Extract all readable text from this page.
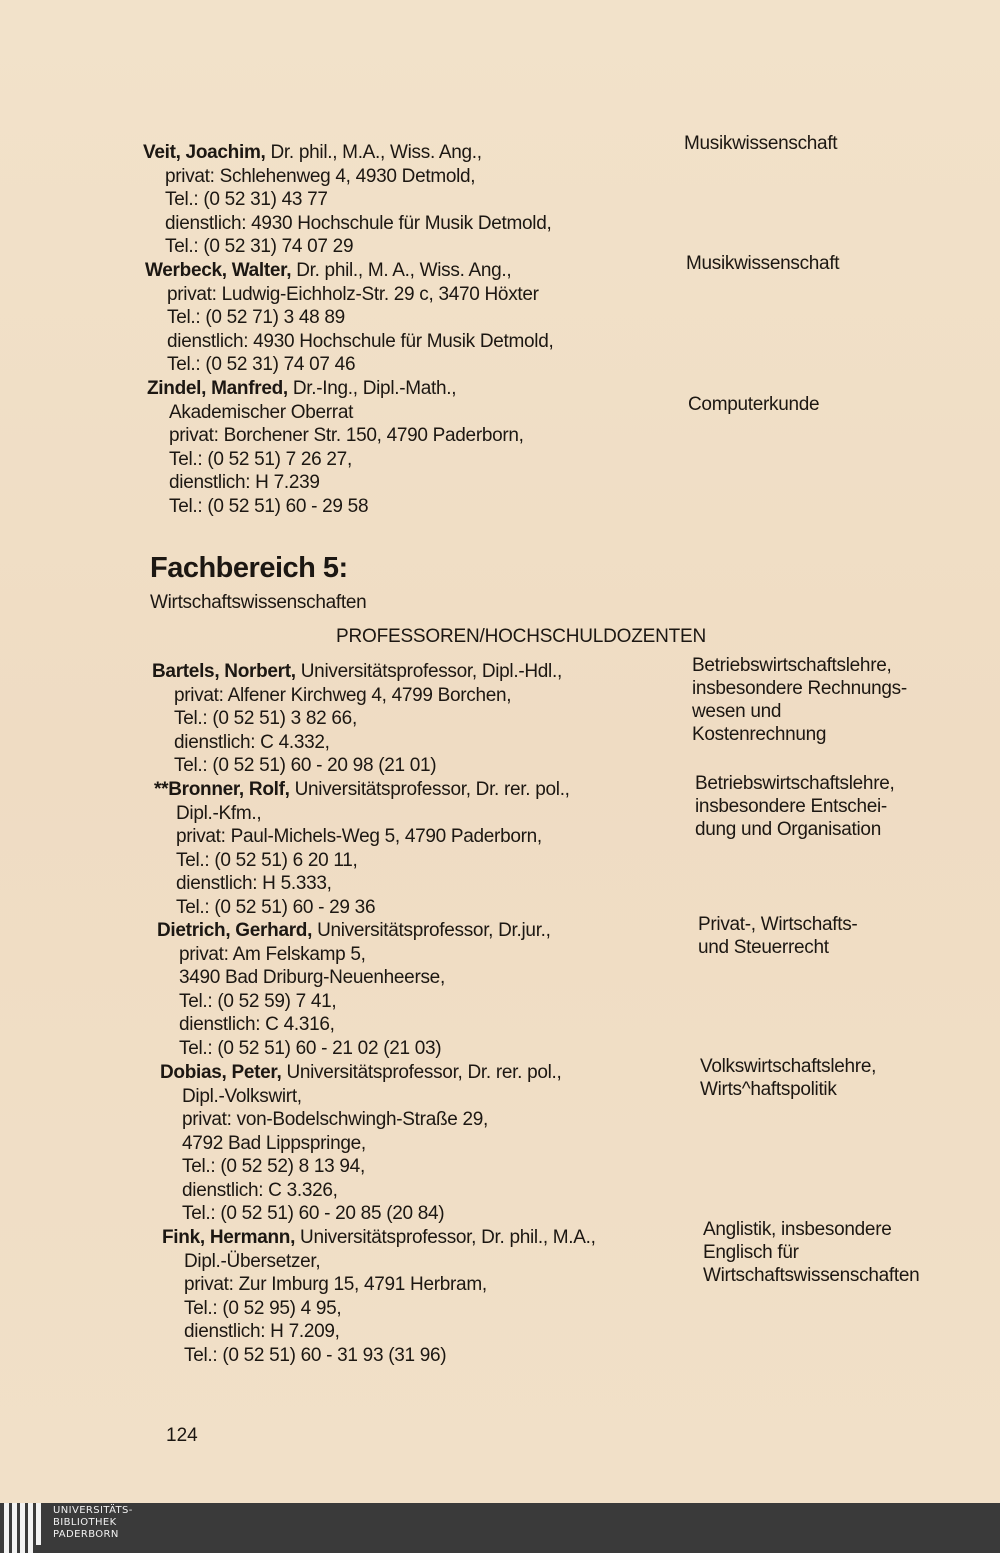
Veit, Joachim, Dr. phil., M.A., Wiss. Ang.,
privat: Schlehenweg 4, 4930 Detmold,
Tel.: (0 52 31) 43 77
dienstlich: 4930 Hochschule für Musik Detmold,
Tel.: (0 52 31) 74 07 29
Musikwissenschaft
Werbeck, Walter, Dr. phil., M. A., Wiss. Ang.,
privat: Ludwig-Eichholz-Str. 29 c, 3470 Höxter
Tel.: (0 52 71) 3 48 89
dienstlich: 4930 Hochschule für Musik Detmold,
Tel.: (0 52 31) 74 07 46
Musikwissenschaft
Zindel, Manfred, Dr.-Ing., Dipl.-Math.,
Akademischer Oberrat
privat: Borchener Str. 150, 4790 Paderborn,
Tel.: (0 52 51) 7 26 27,
dienstlich: H 7.239
Tel.: (0 52 51) 60 - 29 58
Computerkunde
Fachbereich 5:
Wirtschaftswissenschaften
PROFESSOREN/HOCHSCHULDOZENTEN
Bartels, Norbert, Universitätsprofessor, Dipl.-Hdl.,
privat: Alfener Kirchweg 4, 4799 Borchen,
Tel.: (0 52 51) 3 82 66,
dienstlich: C 4.332,
Tel.: (0 52 51) 60 - 20 98 (21 01)
Betriebswirtschaftslehre,
insbesondere Rechnungs-
wesen und
Kostenrechnung
**Bronner, Rolf, Universitätsprofessor, Dr. rer. pol.,
Dipl.-Kfm.,
privat: Paul-Michels-Weg 5, 4790 Paderborn,
Tel.: (0 52 51) 6 20 11,
dienstlich: H 5.333,
Tel.: (0 52 51) 60 - 29 36
Betriebswirtschaftslehre,
insbesondere Entschei-
dung und Organisation
Dietrich, Gerhard, Universitätsprofessor, Dr.jur.,
privat: Am Felskamp 5,
3490 Bad Driburg-Neuenheerse,
Tel.: (0 52 59) 7 41,
dienstlich: C 4.316,
Tel.: (0 52 51) 60 - 21 02 (21 03)
Privat-, Wirtschafts-
und Steuerrecht
Dobias, Peter, Universitätsprofessor, Dr. rer. pol.,
Dipl.-Volkswirt,
privat: von-Bodelschwingh-Straße 29,
4792 Bad Lippspringe,
Tel.: (0 52 52) 8 13 94,
dienstlich: C 3.326,
Tel.: (0 52 51) 60 - 20 85 (20 84)
Volkswirtschaftslehre,
Wirts^haftspolitik
Fink, Hermann, Universitätsprofessor, Dr. phil., M.A.,
Dipl.-Übersetzer,
privat: Zur Imburg 15, 4791 Herbram,
Tel.: (0 52 95) 4 95,
dienstlich: H 7.209,
Tel.: (0 52 51) 60 - 31 93 (31 96)
Anglistik, insbesondere
Englisch für
Wirtschaftswissenschaften
124
UNIVERSITÄTS-
BIBLIOTHEK
PADERBORN
